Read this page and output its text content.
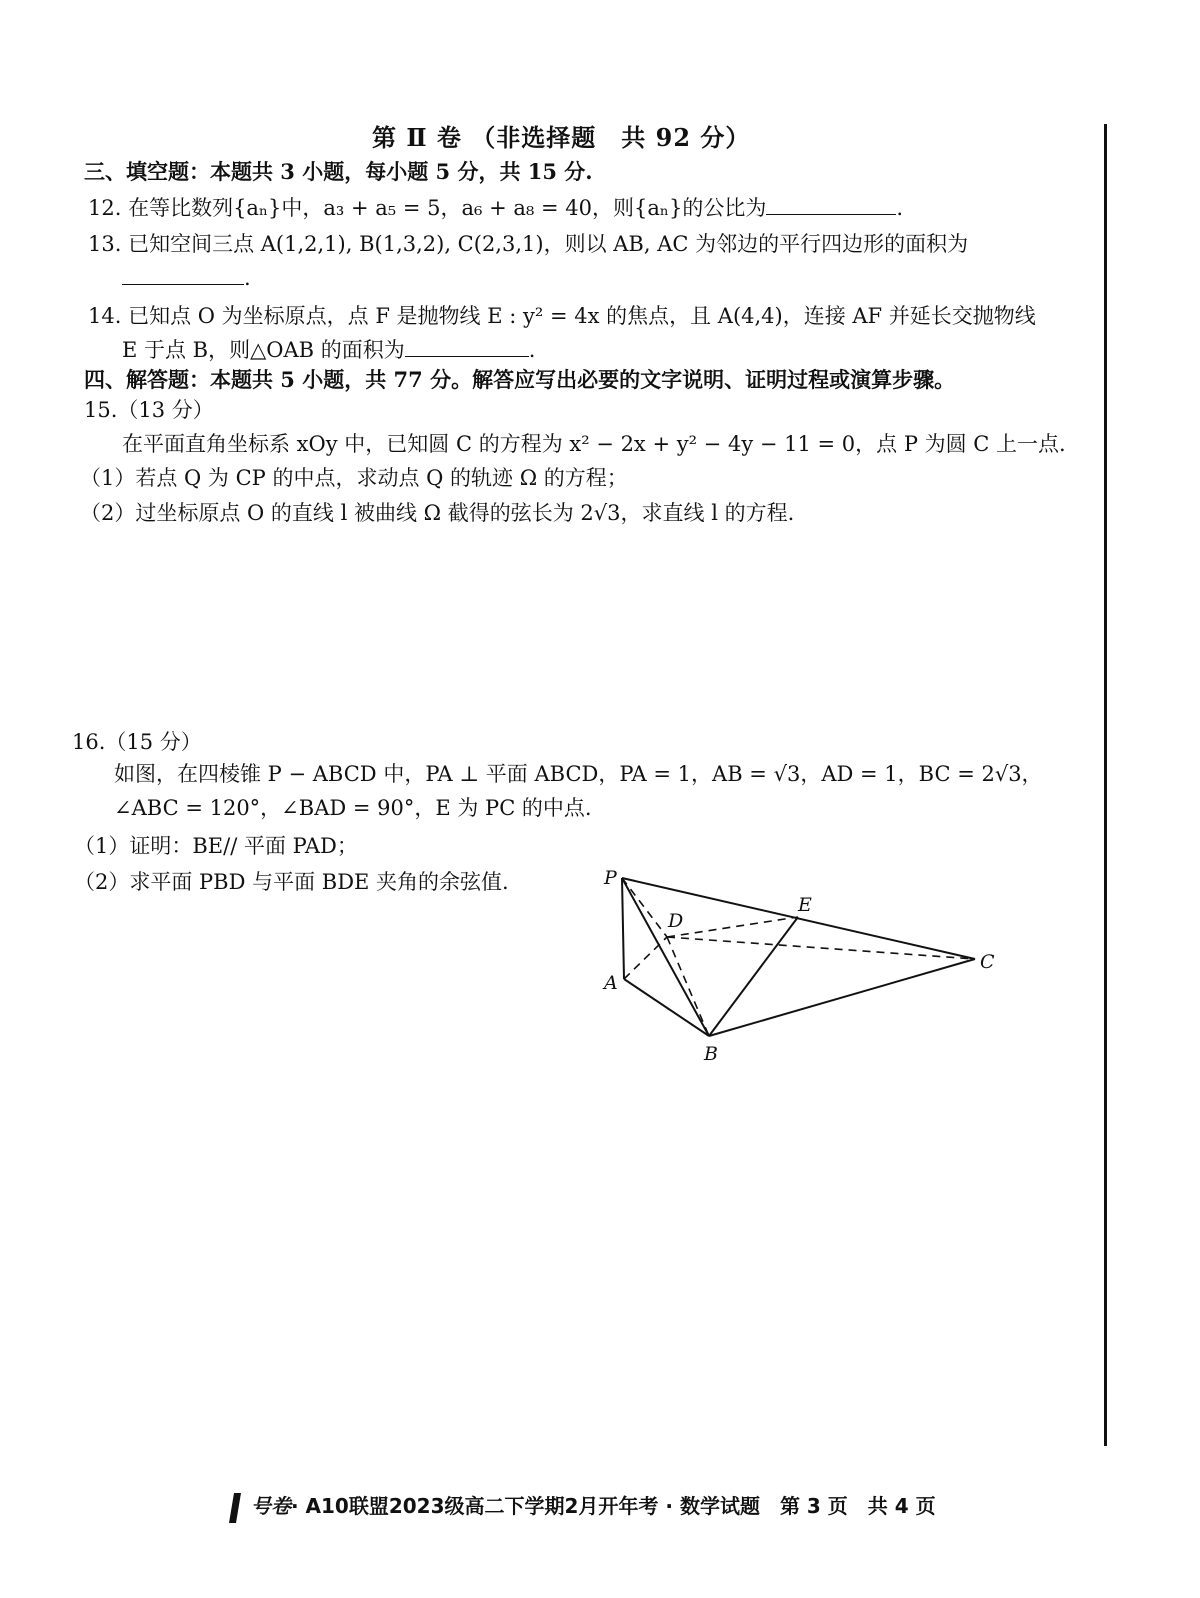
第 Ⅱ 卷 （非选择题　共 92 分）
三、填空题：本题共 3 小题，每小题 5 分，共 15 分.
12. 在等比数列{aₙ}中，a₃ + a₅ = 5，a₆ + a₈ = 40，则{aₙ}的公比为	.
13. 已知空间三点 A(1,2,1), B(1,3,2), C(2,3,1)，则以 AB, AC 为邻边的平行四边形的面积为
.
14. 已知点 O 为坐标原点，点 F 是抛物线 E : y² = 4x 的焦点，且 A(4,4)，连接 AF 并延长交抛物线
E 于点 B，则△OAB 的面积为	.
四、解答题：本题共 5 小题，共 77 分。解答应写出必要的文字说明、证明过程或演算步骤。
15.（13 分）
在平面直角坐标系 xOy 中，已知圆 C 的方程为 x² − 2x + y² − 4y − 11 = 0，点 P 为圆 C 上一点.
（1）若点 Q 为 CP 的中点，求动点 Q 的轨迹 Ω 的方程；
（2）过坐标原点 O 的直线 l 被曲线 Ω 截得的弦长为 2√3，求直线 l 的方程.
16.（15 分）
如图，在四棱锥 P − ABCD 中，PA ⊥ 平面 ABCD，PA = 1，AB = √3，AD = 1，BC = 2√3，
∠ABC = 120°，∠BAD = 90°，E 为 PC 的中点.
（1）证明：BE// 平面 PAD；
（2）求平面 PBD 与平面 BDE 夹角的余弦值.	P
D
E
C
A
B
号卷· A10联盟2023级高二下学期2月开年考 · 数学试题　第 3 页　共 4 页
